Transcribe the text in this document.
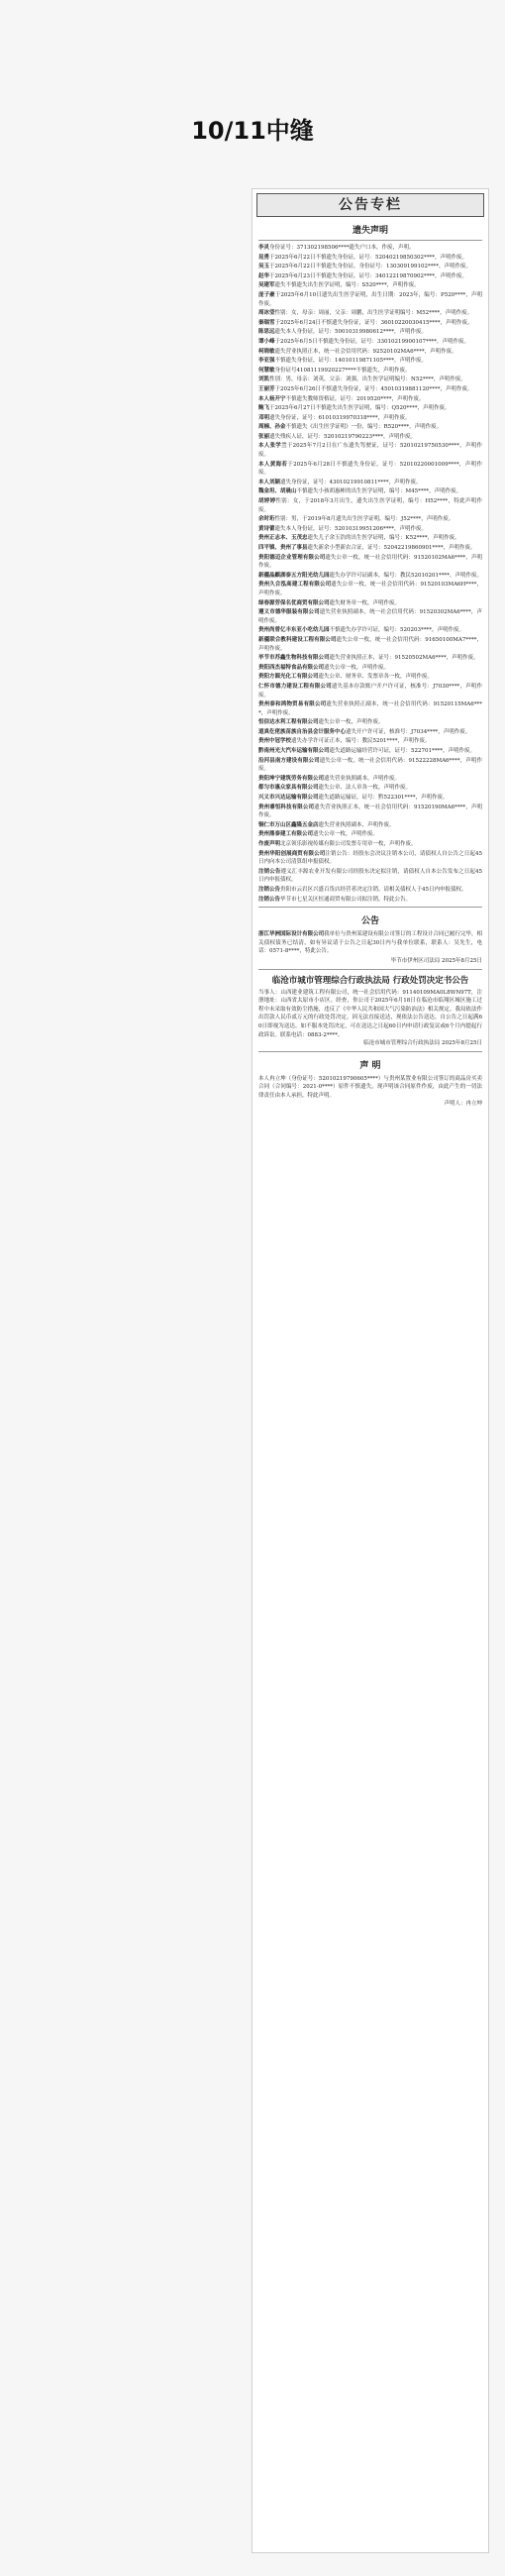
10/11中缝
公告专栏
遗失声明

李灵身份证号：371302198506****遗失户口本，作废，声明。

昆勇于2025年6月22日不慎遗失身份证，证号：52040219850302****，声明作废。

吴玉于2025年6月22日不慎遗失身份证，身份证号：130309199102****，声明作废。

赵华于2025年6月23日不慎遗失身份证，证号：34012219870902****，声明作废。

吴建军遗失不慎遗失出生医学证明，编号：S520****，声明作废。

庞子豪于2025年6月10日遗失出生医学证明，出生日期：2023年，编号：P520****，声明作废。

周冰莹性别：女，母亲：周丽，父亲：周鹏，出生医学证明编号：M52****，声明作废。

秦瑞雪于2025年6月24日不慎遗失身份证，证号：36010220030415****，声明作废。

陈思远遗失本人身份证，证号：50010319980612****，声明作废。

谭小峰于2025年6月5日不慎遗失身份证，证号：33010219900107****，声明作废。

柯晓敏遗失营业执照正本，统一社会信用代码：92520102MA6****，声明作废。

李亚强不慎遗失身份证，证号：14010119871105****，声明作废。

何慧敏身份证号41081119920227****不慎遗失，声明作废。

刘凯性别：男，母亲：刘英，父亲：刘强，出生医学证明编号：N52****，声明作废。

王丽芳于2025年6月26日不慎遗失身份证，证号：45010319881120****，声明作废。

本人杨开宁不慎遗失教师资格证，证号：2019520****，声明作废。

鲍飞于2025年6月27日不慎遗失出生医学证明，编号：Q520****，声明作废。

邓明遗失身份证，证号：61010319970318****，声明作废。

周楠、孙金不慎遗失《出生医学证明》一份，编号：R520****，声明作废。

张丽遗失残疾人证，证号：52010219790223****，声明作废。

本人张学兰于2025年7月2日在广东遗失驾驶证，证号：52010219750530****，声明作废。

本人黄海若于2025年6月28日不慎遗失身份证，证号：52010220001009****，声明作废。

本人刘颖遗失身份证，证号：43010219910811****，声明作废。

魏金坦、胡晨山不慎遗失小孩胡惠彬的出生医学证明，编号：M45****，声明作废。

胡婷婷性别：女，于2018年3月出生，遗失出生医学证明，编号：H52****，特此声明作废。

余时珩性别：男，于2019年8月遗失出生医学证明，编号：J52****，声明作废。

黄诗蕾遗失本人身份证，证号：52010319951206****，声明作废。

贵州正志本、玉茂忠遗失儿子余玉浩的出生医学证明，编号：K52****，声明作废。

四平镇、贵州了事县遗失新余小型新农合证，证号：52042219860901****，声明作废。

贵阳德迈企业管理有限公司遗失公章一枚，统一社会信用代码：91520102MA6****，声明作废。

新疆晶麒湖泰五方阳光幼儿园遗失办学许可证副本，编号：教民52010201****，声明作废。

贵州久合泓高建工程有限公司遗失公章一枚，统一社会信用代码：91520103MA6H****，声明作废。

绿春源劳保名优商贸有限公司遗失财务章一枚，声明作废。

遵义市德华服装有限公司遗失营业执照副本，统一社会信用代码：91520302MA6****，声明作废。

贵州尚曾亿丰东亚小吃幼儿园不慎遗失办学许可证，编号：520203****，声明作废。

新疆联合教科建设工程有限公司遗失公章一枚，统一社会信用代码：91650100MA7****，声明作废。

毕节市苏鑫生物科技有限公司遗失营业执照正本，证号：91520502MA6****，声明作废。

贵阳西杰福特食品有限公司遗失公章一枚，声明作废。

贵阳方圆光化工有限公司遗失公章、财务章、发票章各一枚，声明作废。

仁怀市德力建设工程有限公司遗失基本存款账户开户许可证，核准号：J7030****，声明作废。

贵州泰和鸿物贸易有限公司遗失营业执照正副本，统一社会信用代码：91520115MA6****，声明作废。

恒信达水利工程有限公司遗失公章一枚，声明作废。

道真仡佬族苗族自治县会计服务中心遗失开户许可证，核准号：J7034****，声明作废。

贵州中冠学校遗失办学许可证正本，编号：教民5201****，声明作废。

黔南州光大汽车运输有限公司遗失道路运输经营许可证，证号：522701****，声明作废。

沿河县南方建设有限公司遗失公章一枚，统一社会信用代码：91522228MA6****，声明作废。

贵阳坤宁建筑劳务有限公司遗失营业执照副本，声明作废。

都匀市惠众家具有限公司遗失公章、法人章各一枚，声明作废。

兴义市兴达运输有限公司遗失道路运输证，证号：黔522301****，声明作废。

贵州睿恒科技有限公司遗失营业执照正本，统一社会信用代码：91520190MA6****，声明作废。

铜仁市万山区鑫隆五金店遗失营业执照副本，声明作废。

贵州鼎泰建工有限公司遗失公章一枚，声明作废。

作废声明北京领乐影视传媒有限公司发票专用章一枚，声明作废。

贵州华阳创展商贸有限公司注销公告：经股东会决议注销本公司，请债权人自公告之日起45日内向本公司清算组申报债权。

注销公告遵义汇丰源农业开发有限公司经股东决定拟注销，请债权人自本公告发布之日起45日内申报债权。

注销公告贵阳市云岩区兴盛百货店经营者决定注销，请相关债权人于45日内申报债权。

注销公告毕节市七星关区恒通商贸有限公司拟注销，特此公告。

公告

浙江华洲国际设计有限公司我单位与贵州某建设有限公司签订的工程设计合同已履行完毕，相关债权债务已结清，如有异议请于公告之日起30日内与我单位联系，联系人：吴先生，电话：0571-8****，特此公告。

毕节市伊州区司法局 2025年8月25日
临沧市城市管理综合行政执法局 行政处罚决定书公告
当事人：山西建业建筑工程有限公司，统一社会信用代码：91140109MA0L8WN97T，注册地址：山西省太原市小店区。经查，你公司于2025年6月18日在临沧市临翔区城区施工过程中未采取有效防尘措施，违反了《中华人民共和国大气污染防治法》相关规定。我局依法作出罚款人民币贰万元的行政处罚决定。因无法直接送达，现依法公告送达，自公告之日起满60日即视为送达。如不服本处罚决定，可在送达之日起60日内申请行政复议或6个月内提起行政诉讼。联系电话：0883-2****。
临沧市城市管理综合行政执法局 2025年8月25日
声 明
本人冉立坤（身份证号：52010219790605****）与贵州某置业有限公司签订的商品房买卖合同（合同编号：2021-0****）原件不慎遗失，现声明该合同原件作废，由此产生的一切法律责任由本人承担，特此声明。
声明人：冉立坤
